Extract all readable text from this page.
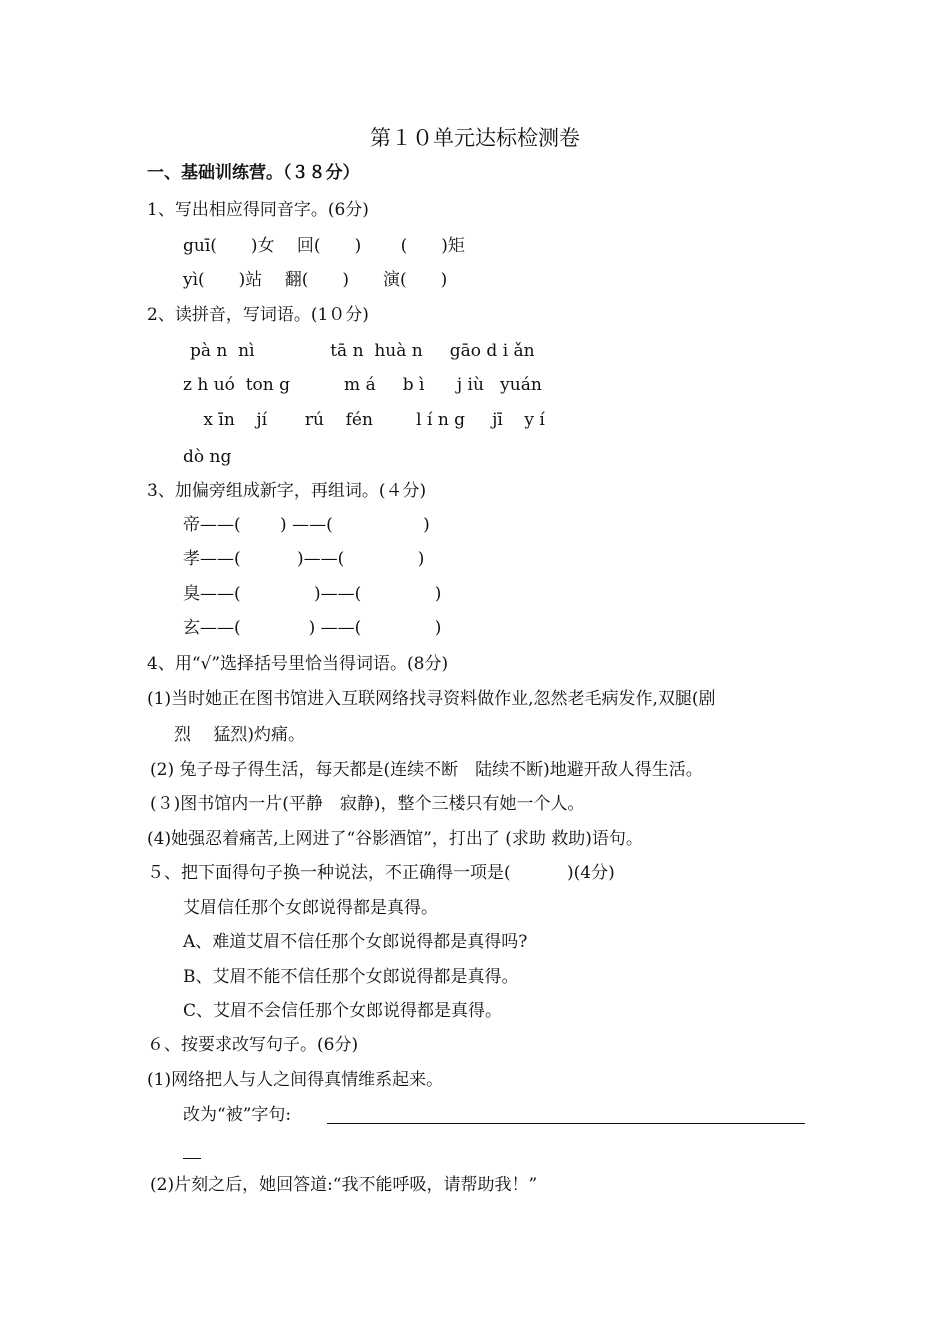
第１０单元达标检测卷
一、基础训练营。（３８分）
1、写出相应得同音字。(6分)
guī(　　)女　 回(　　)　　 (　　)矩
yì(　　)站　 翻(　　)　　演(　　)
2、读拼音，写词语。(1０分)
pà n  nì              tā n  huà n     gāo d i ǎn
z h uó  ton g          m á     b ì      j iù   yuán
x īn    jí       rú    fén        l í n g     jī    y í
dò ng
3、加偏旁组成新字，再组词。(４分)
帝——(　　 ) ——(　　　　　 )
孝——(　　　 )——(　　　　 )
臭——(　　　　 )——(　　　　 )
玄——(　　　　) ——(　　　　 )
4、用“√”选择括号里恰当得词语。(8分)
(1)当时她正在图书馆进入互联网络找寻资料做作业,忽然老毛病发作,双腿(剧
烈　 猛烈)灼痛。
(2) 兔子母子得生活，每天都是(连续不断　陆续不断)地避开敌人得生活。
(３)图书馆内一片(平静　寂静)，整个三楼只有她一个人。
(4)她强忍着痛苦,上网进了“谷影酒馆”，打出了 (求助 救助)语句。
５、把下面得句子换一种说法，不正确得一项是(　　　 )(4分)
艾眉信任那个女郎说得都是真得。
A、难道艾眉不信任那个女郎说得都是真得吗?
B、艾眉不能不信任那个女郎说得都是真得。
C、艾眉不会信任那个女郎说得都是真得。
６、按要求改写句子。(6分)
(1)网络把人与人之间得真情维系起来。
改为“被”字句:
(2)片刻之后，她回答道:“我不能呼吸，请帮助我！”
